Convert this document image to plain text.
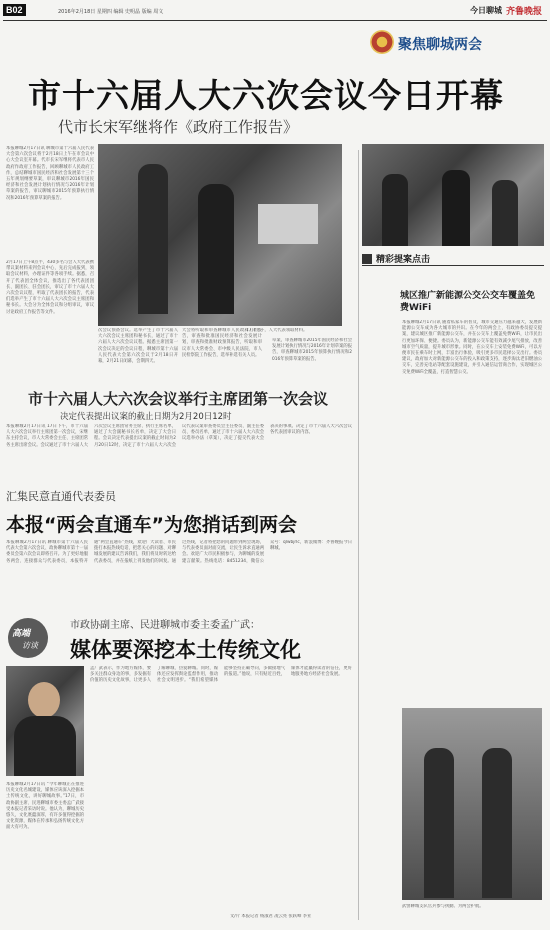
B02	2016年2月18日 星期四 编辑 史明晶 版编 周文	今日聊城 齐鲁晚报
聚焦聊城两会
市十六届人大六次会议今日开幕
代市长宋军继将作《政府工作报告》
本报聊城2月17日讯 聊城市第十六届人民代表大会第六次会议将于2月18日上午在市会议中心大会议室开幕。代市长宋军继将代表市人民政府作政府工作报告，回顾聊城市人民政府工作，总结聊城市国民经济和社会发展第十三个五年规划纲要草案，审议聊城市2016年国民经济和社会发展计划执行情况与2016年计划草案的报告，审议聊城市2015年预算执行情况和2016年预算草案的报告。
2月17日上午8点半，430多名与会人大代表携带议案材料来到会议中心，先后完成报到，领取会议材料，办理证件等各项手续。据悉，召开了代表团全体会议，推选出了各代表团团长、副团长、驻会团长，审议了市十六届人大六次会议议程，听取了代表团长的报告，代表们选举产生了市十六届人大六次会议主席团和秘书长。大会分为全体会议和分组审议，审议讨论政府工作报告等文件。
17日上午，人大代表领取材料。
次会议预备会议。选举产生了市十六届人大六次会议主席团和秘书长，通过了市十六届人大六次会议议程。据悉主席团第一次会议决定的会议日程，聊城市第十六届人民代表大会第六次会议于2月18日开幕，2月21日闭幕，会期四天。
大会将听取和审查聊城市人民政府工作报告，审查和批准国民经济和社会发展计划，审查和批准财政预算报告，听取和审议市人大常委会、市中级人民法院、市人民检察院工作报告，选举补选有关人员。
草案，审查聊城市2015年国民经济和社会发展计划执行情况与2016年计划草案的报告，审查聊城市2015年预算执行情况和2016年预算草案的报告。
市十六届人大六次会议举行主席团第一次会议
决定代表提出议案的截止日期为2月20日12时
本报聊城2月17日讯 17日下午，市十六届人大六次会议举行主席团第一次会议，宋继东主持会议，市人大常委会主任、主席团常务主席出席会议。会议通过了市十六届人大六次会议主席团常务主席、执行主席名单，通过了大会副秘书长名单，决定了大会日程。会议决定代表提出议案的截止时间为2月20日12时，决定了市十六届人大六次会议代表议案审查委员会主任委员、副主任委员、委员名单，通过了市十六届人大六次会议选举办法（草案），决定了提交代表大会表决的事项。决定了市十六届人大六次会议各代表团审议的内容。
汇集民意直通代表委员
本报“两会直通车”为您捎话到两会
本报聊城2月17日讯 聊城市第十六届人民代表大会第六次会议、政协聊城市第十一届委员会第六次会议即将召开。为了更好地服务两会、连接群众与代表委员，本报特开通“两会直通车”热线，欢迎广大读者、市民拨打本报热线电话，把您关心的问题、对聊城发展的建议告诉我们，我们将及时转达给代表委员，并在报纸上刊发他们的回复。通过热线，记者将把您的问题带到两会现场，与代表委员面对面交流，让民生诉求直通两会。欢迎广大市民积极参与，为聊城的发展建言献策。热线电话：8451234，微信公众号：qlwbjrlc，新浪微博：齐鲁晚报今日聊城。
高端
访谈
市政协副主席、民进聊城市委主委孟广武：
媒体要深挖本土传统文化
本报聊城2月17日讯 “今年聊城正在推进历史文化名城建设，媒体应该深入挖掘本土传统文化，讲好聊城故事。”17日，市政协副主席、民进聊城市委主委孟广武接受本报记者采访时说。他认为，聊城历史悠久，文化底蕴深厚，有许多值得挖掘的文化资源，媒体在传承和弘扬传统文化方面大有可为。
孟广武表示，作为地方媒体，要多关注群众身边的事，多发掘有价值的历史文化故事，让更多人了解聊城、热爱聊城。同时，媒体还应发挥舆论监督作用，推动社会文明进步。“我们希望媒体能够坚持正确导向，多做接地气的报道。”他说，只有贴近百姓，媒体才能赢得读者的信任，更好地服务地方经济社会发展。
文/片 本报记者 杨淑君 凌云亮 张跃峰 李亚
精彩提案点击
城区推广新能源公交公交车覆盖免费WiFi
本报聊城2月17日讯 随着私家车的普及，城市交通压力越来越大，发展新能源公交车成为各大城市的共识。在今年的两会上，有政协委员提交提案，建议城区推广新能源公交车，并在公交车上覆盖免费WiFi，让市民出行更加环保、便捷。委员认为，新能源公交车能有效减少尾气排放，改善城市空气质量，提升城市形象。同时，在公交车上安装免费WiFi，可以方便市民在乘车时上网，丰富出行体验，吸引更多市民选择公交出行。委员建议，政府加大对新能源公交车的投入和政策支持，逐步淘汰老旧燃油公交车，完善充电站等配套设施建设，并引入通信运营商合作，实现城区公交免费WiFi全覆盖，打造智慧公交。
武警聊城支队官兵参与执勤。为两会护航。
